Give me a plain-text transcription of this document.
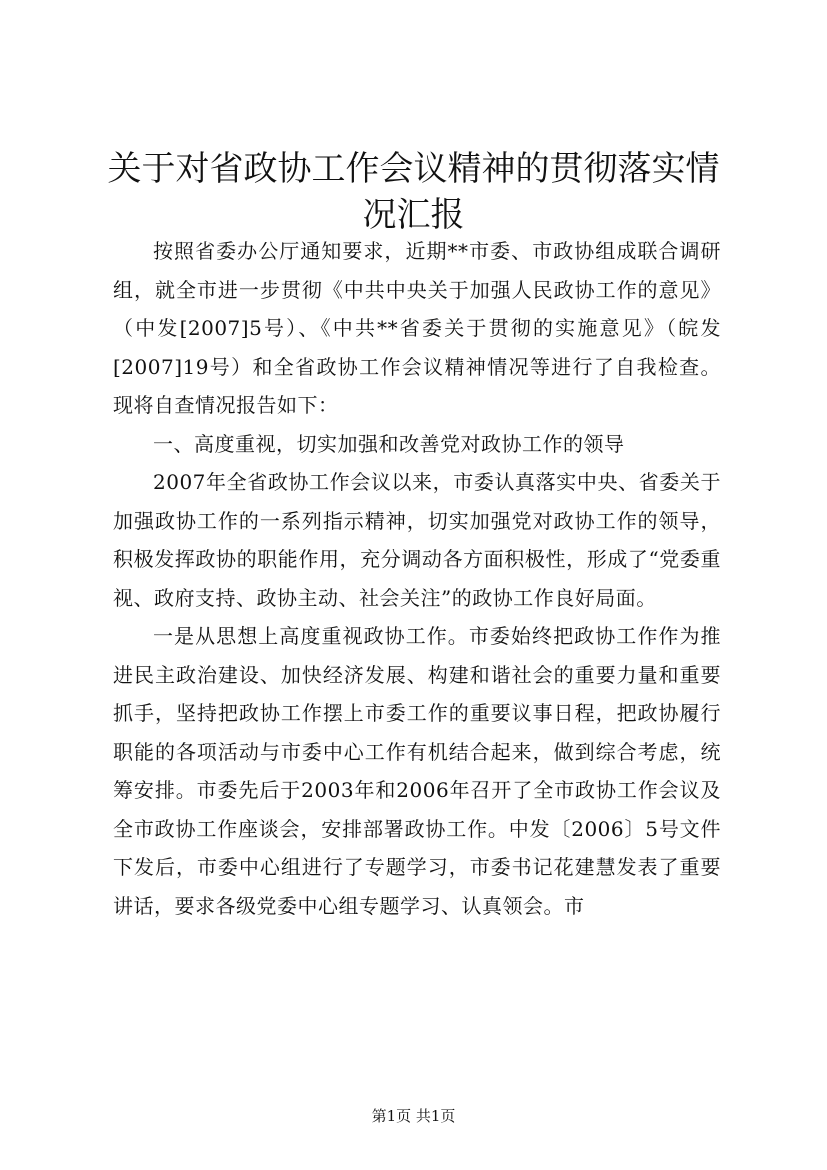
关于对省政协工作会议精神的贯彻落实情况汇报

按照省委办公厅通知要求，近期**市委、市政协组成联合调研组，就全市进一步贯彻《中共中央关于加强人民政协工作的意见》（中发[2007]5号）、《中共**省委关于贯彻的实施意见》（皖发[2007]19号）和全省政协工作会议精神情况等进行了自我检查。现将自查情况报告如下：

一、高度重视，切实加强和改善党对政协工作的领导

2007年全省政协工作会议以来，市委认真落实中央、省委关于加强政协工作的一系列指示精神，切实加强党对政协工作的领导，积极发挥政协的职能作用，充分调动各方面积极性，形成了“党委重视、政府支持、政协主动、社会关注”的政协工作良好局面。

一是从思想上高度重视政协工作。市委始终把政协工作作为推进民主政治建设、加快经济发展、构建和谐社会的重要力量和重要抓手，坚持把政协工作摆上市委工作的重要议事日程，把政协履行职能的各项活动与市委中心工作有机结合起来，做到综合考虑，统筹安排。市委先后于2003年和2006年召开了全市政协工作会议及全市政协工作座谈会，安排部署政协工作。中发〔2006〕5号文件下发后，市委中心组进行了专题学习，市委书记花建慧发表了重要讲话，要求各级党委中心组专题学习、认真领会。市

第1页 共1页
